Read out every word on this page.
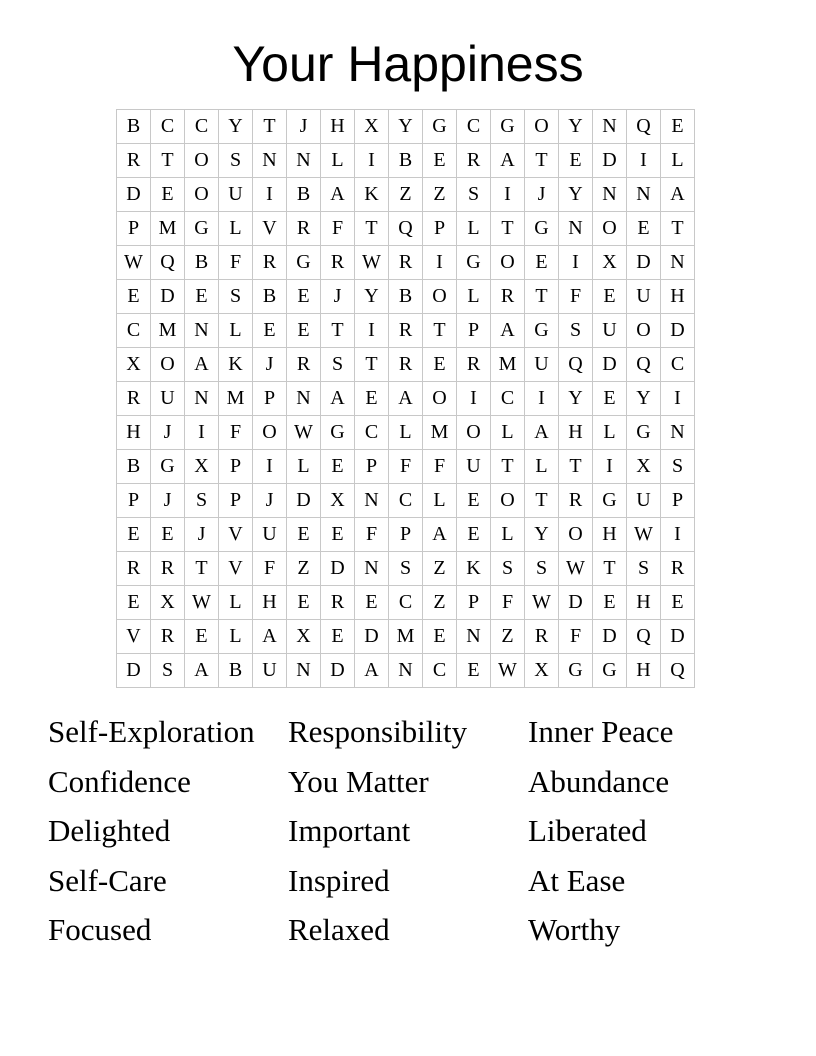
Your Happiness
B	C	C	Y	T	J	H	X	Y	G	C	G	O	Y	N	Q	E
R	T	O	S	N	N	L	I	B	E	R	A	T	E	D	I	L
D	E	O	U	I	B	A	K	Z	Z	S	I	J	Y	N	N	A
P	M	G	L	V	R	F	T	Q	P	L	T	G	N	O	E	T
W	Q	B	F	R	G	R	W	R	I	G	O	E	I	X	D	N
E	D	E	S	B	E	J	Y	B	O	L	R	T	F	E	U	H
C	M	N	L	E	E	T	I	R	T	P	A	G	S	U	O	D
X	O	A	K	J	R	S	T	R	E	R	M	U	Q	D	Q	C
R	U	N	M	P	N	A	E	A	O	I	C	I	Y	E	Y	I
H	J	I	F	O	W	G	C	L	M	O	L	A	H	L	G	N
B	G	X	P	I	L	E	P	F	F	U	T	L	T	I	X	S
P	J	S	P	J	D	X	N	C	L	E	O	T	R	G	U	P
E	E	J	V	U	E	E	F	P	A	E	L	Y	O	H	W	I
R	R	T	V	F	Z	D	N	S	Z	K	S	S	W	T	S	R
E	X	W	L	H	E	R	E	C	Z	P	F	W	D	E	H	E
V	R	E	L	A	X	E	D	M	E	N	Z	R	F	D	Q	D
D	S	A	B	U	N	D	A	N	C	E	W	X	G	G	H	Q
Self-Exploration
Confidence
Delighted
Self-Care
Focused
Responsibility
You Matter
Important
Inspired
Relaxed
Inner Peace
Abundance
Liberated
At Ease
Worthy
